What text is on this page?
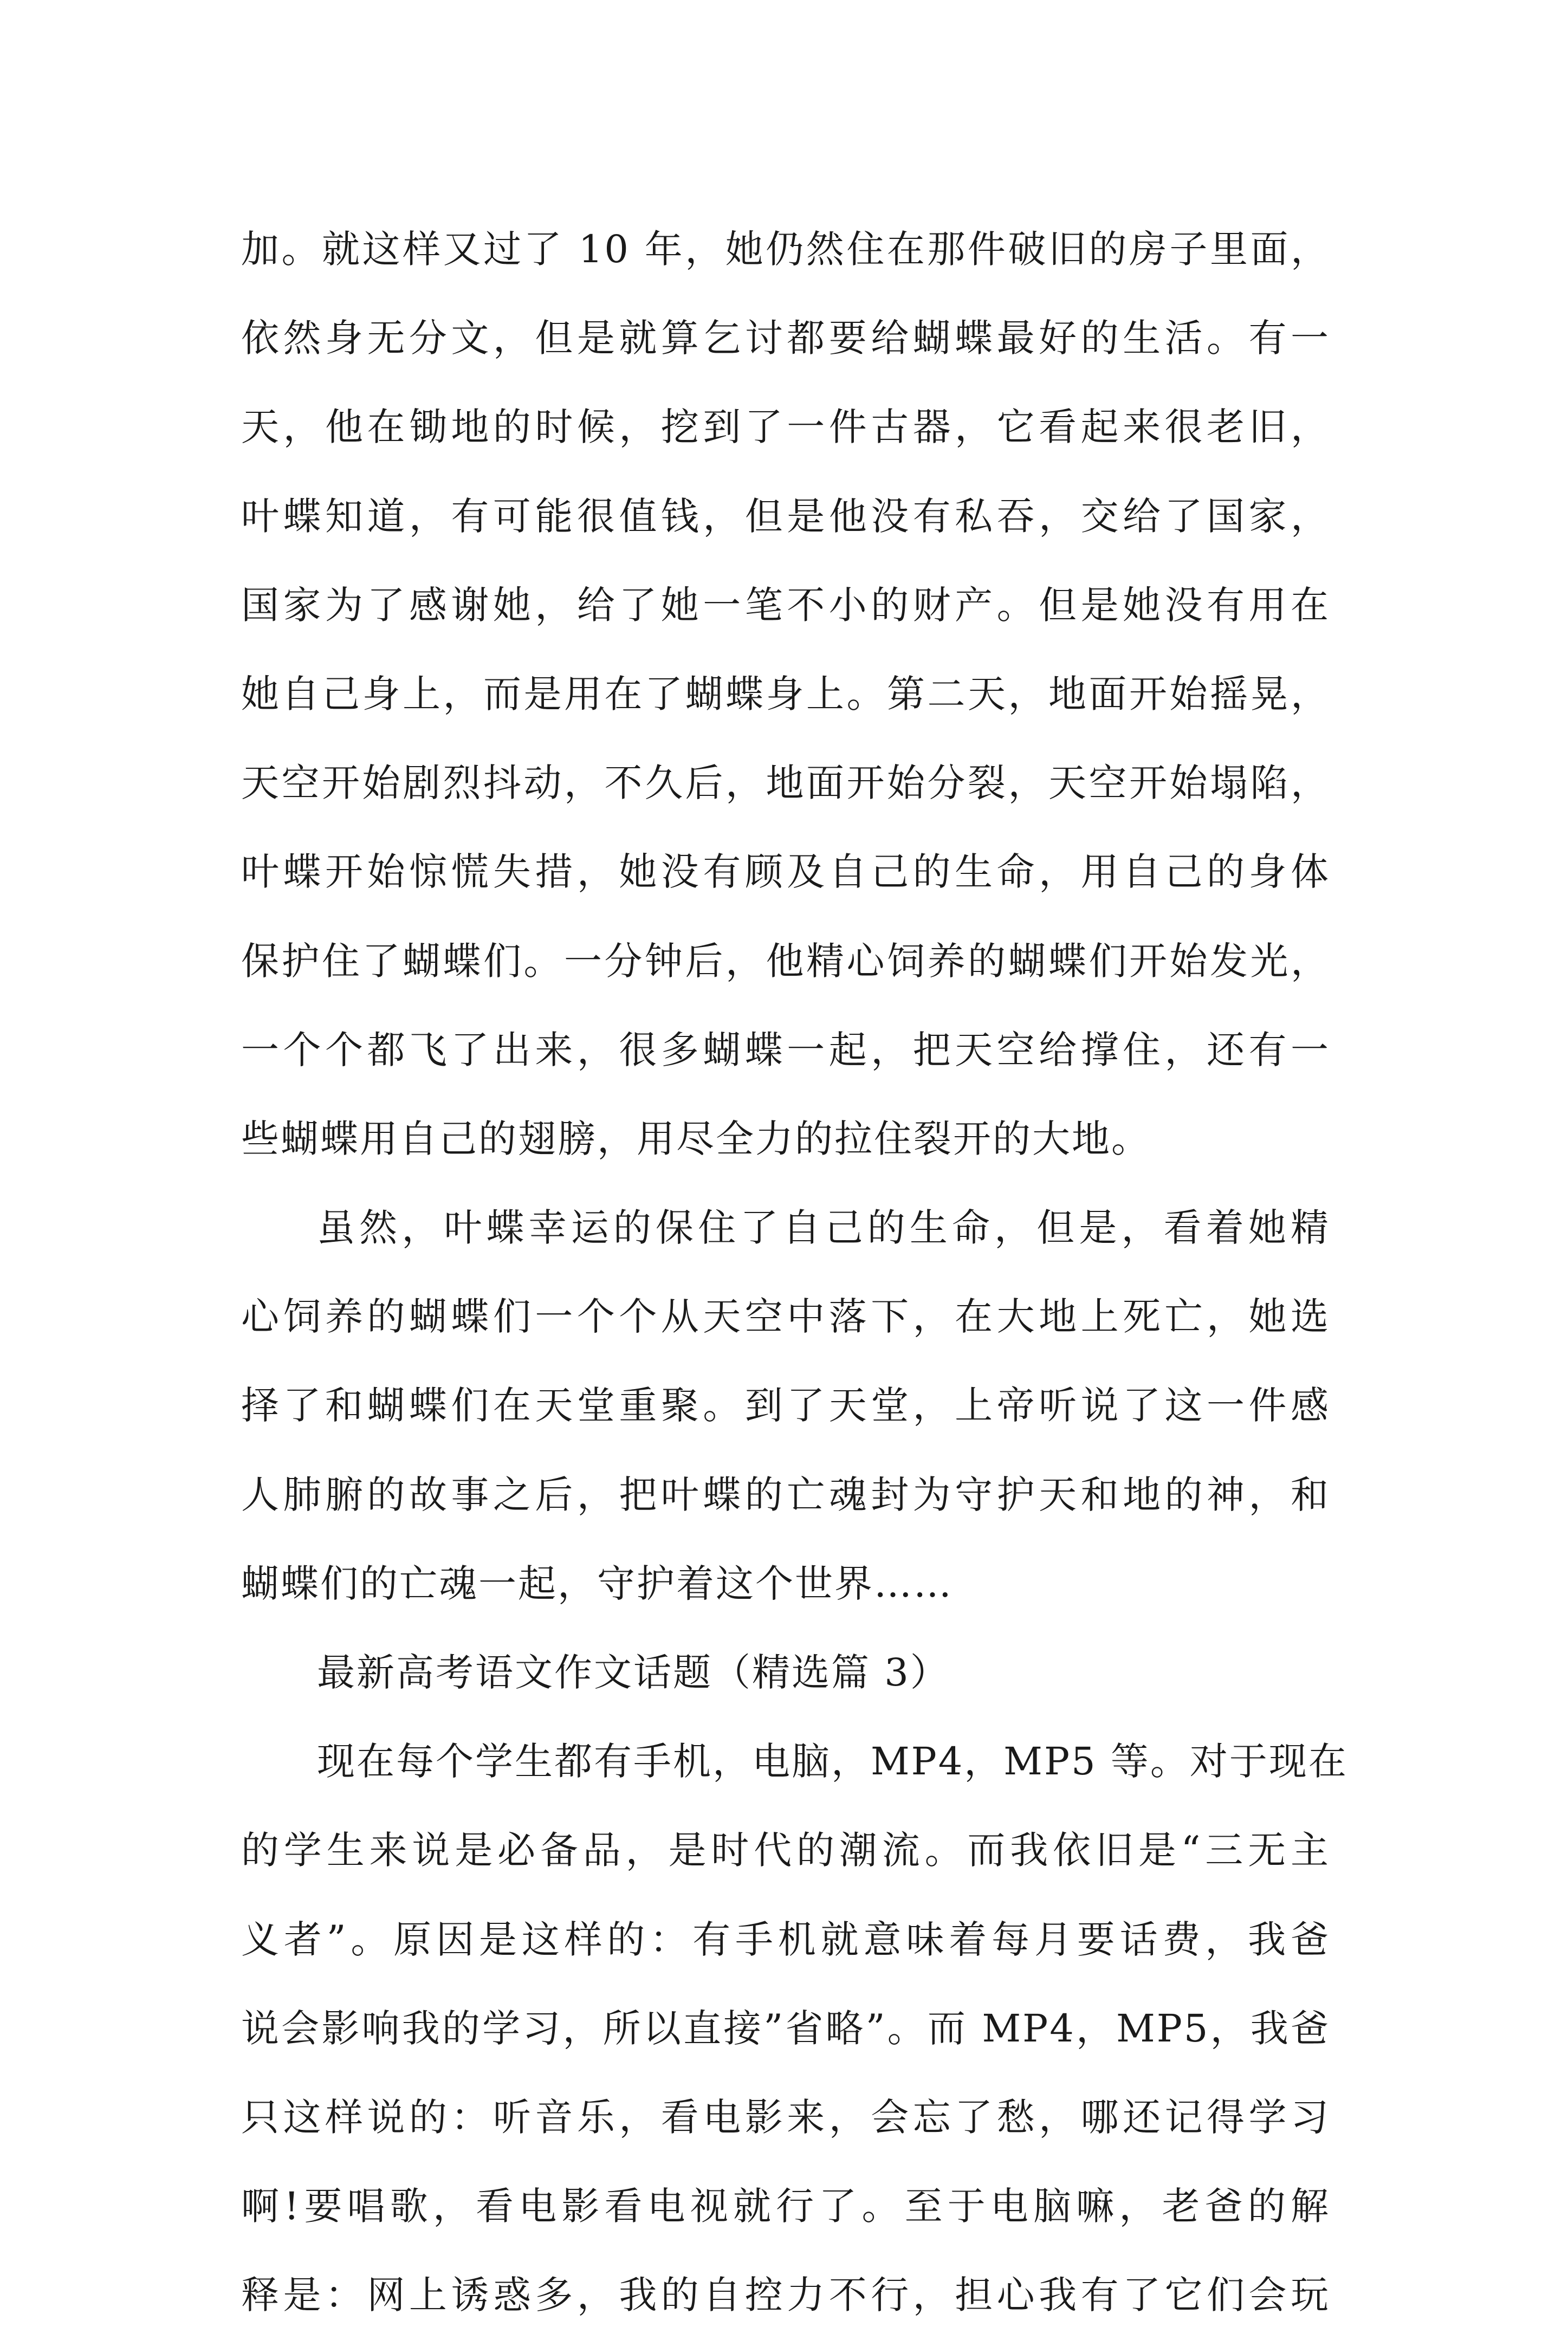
加。就这样又过了 10 年，她仍然住在那件破旧的房子里面，
依然身无分文，但是就算乞讨都要给蝴蝶最好的生活。有一
天，他在锄地的时候，挖到了一件古器，它看起来很老旧，
叶蝶知道，有可能很值钱，但是他没有私吞，交给了国家，
国家为了感谢她，给了她一笔不小的财产。但是她没有用在
她自己身上，而是用在了蝴蝶身上。第二天，地面开始摇晃，
天空开始剧烈抖动，不久后，地面开始分裂，天空开始塌陷，
叶蝶开始惊慌失措，她没有顾及自己的生命，用自己的身体
保护住了蝴蝶们。一分钟后，他精心饲养的蝴蝶们开始发光，
一个个都飞了出来，很多蝴蝶一起，把天空给撑住，还有一
些蝴蝶用自己的翅膀，用尽全力的拉住裂开的大地。
虽然，叶蝶幸运的保住了自己的生命，但是，看着她精
心饲养的蝴蝶们一个个从天空中落下，在大地上死亡，她选
择了和蝴蝶们在天堂重聚。到了天堂，上帝听说了这一件感
人肺腑的故事之后，把叶蝶的亡魂封为守护天和地的神，和
蝴蝶们的亡魂一起，守护着这个世界……
最新高考语文作文话题（精选篇 3）
现在每个学生都有手机，电脑，MP4，MP5 等。对于现在
的学生来说是必备品，是时代的潮流。而我依旧是“三无主
义者”。原因是这样的：有手机就意味着每月要话费，我爸
说会影响我的学习，所以直接”省略”。而 MP4，MP5，我爸
只这样说的：听音乐，看电影来，会忘了愁，哪还记得学习
啊!要唱歌，看电影看电视就行了。至于电脑嘛，老爸的解
释是：网上诱惑多，我的自控力不行，担心我有了它们会玩
